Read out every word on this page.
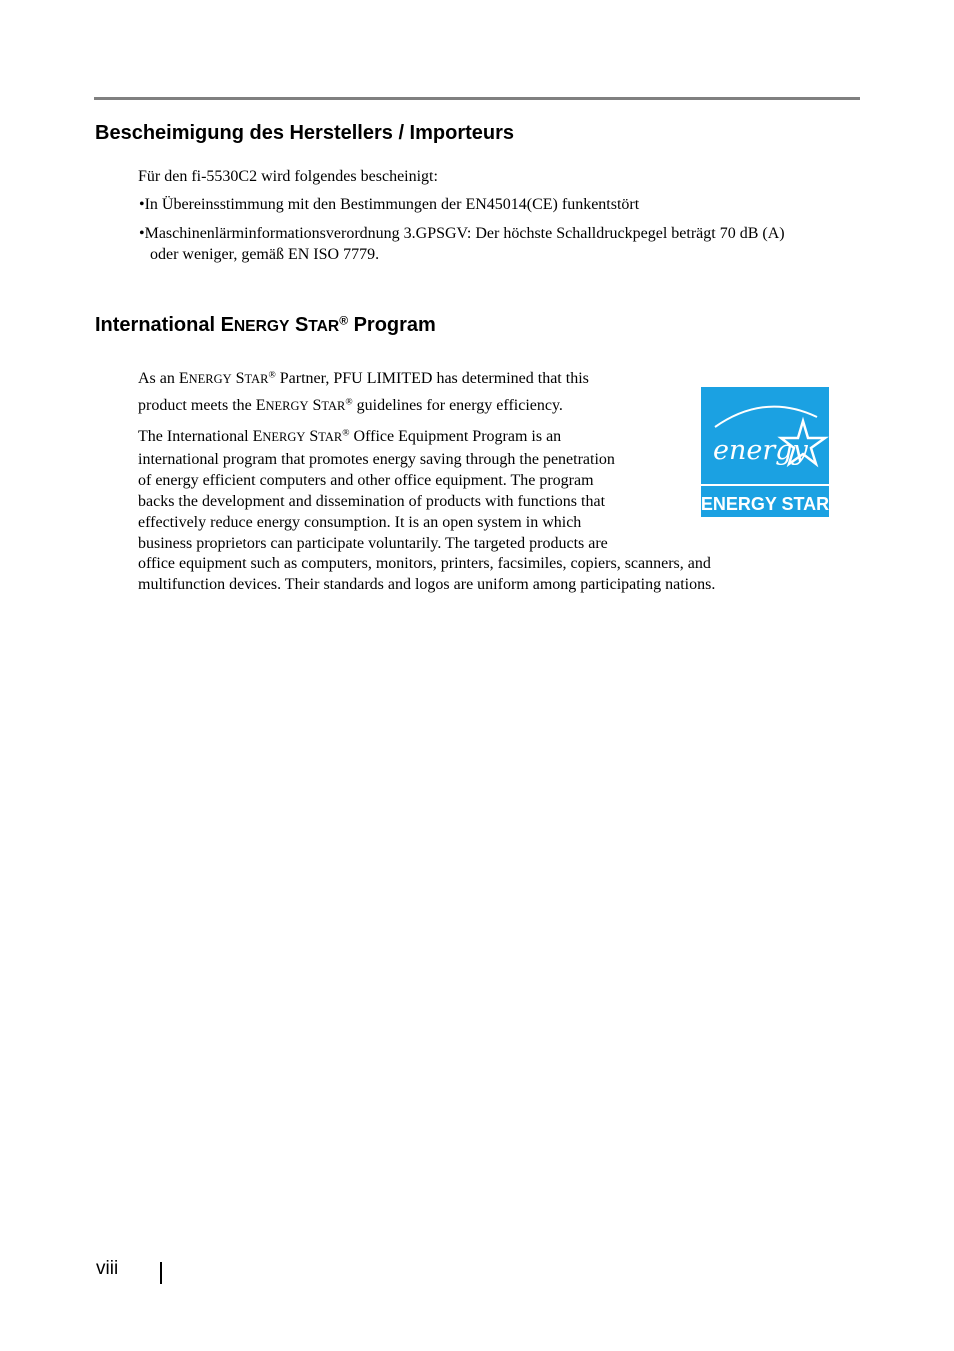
Bescheimigung des Herstellers / Importeurs

Für den fi-5530C2 wird folgendes bescheinigt:

•In Übereinsstimmung mit den Bestimmungen der EN45014(CE) funkentstört
•Maschinenlärminformationsverordnung 3.GPSGV: Der höchste Schalldruckpegel beträgt 70 dB (A)
oder weniger, gemäß EN ISO 7779.
International ENERGY STAR® Program

As an ENERGY STAR® Partner, PFU LIMITED has determined that this

product meets the ENERGY STAR® guidelines for energy efficiency.

The International ENERGY STAR® Office Equipment Program is an

international program that promotes energy saving through the penetration

of energy efficient computers and other office equipment. The program

backs the development and dissemination of products with functions that

effectively reduce energy consumption. It is an open system in which

business proprietors can participate voluntarily. The targeted products are

office equipment such as computers, monitors, printers, facsimiles, copiers, scanners, and

multifunction devices. Their standards and logos are uniform among participating nations.

energy
ENERGY STAR
viii
